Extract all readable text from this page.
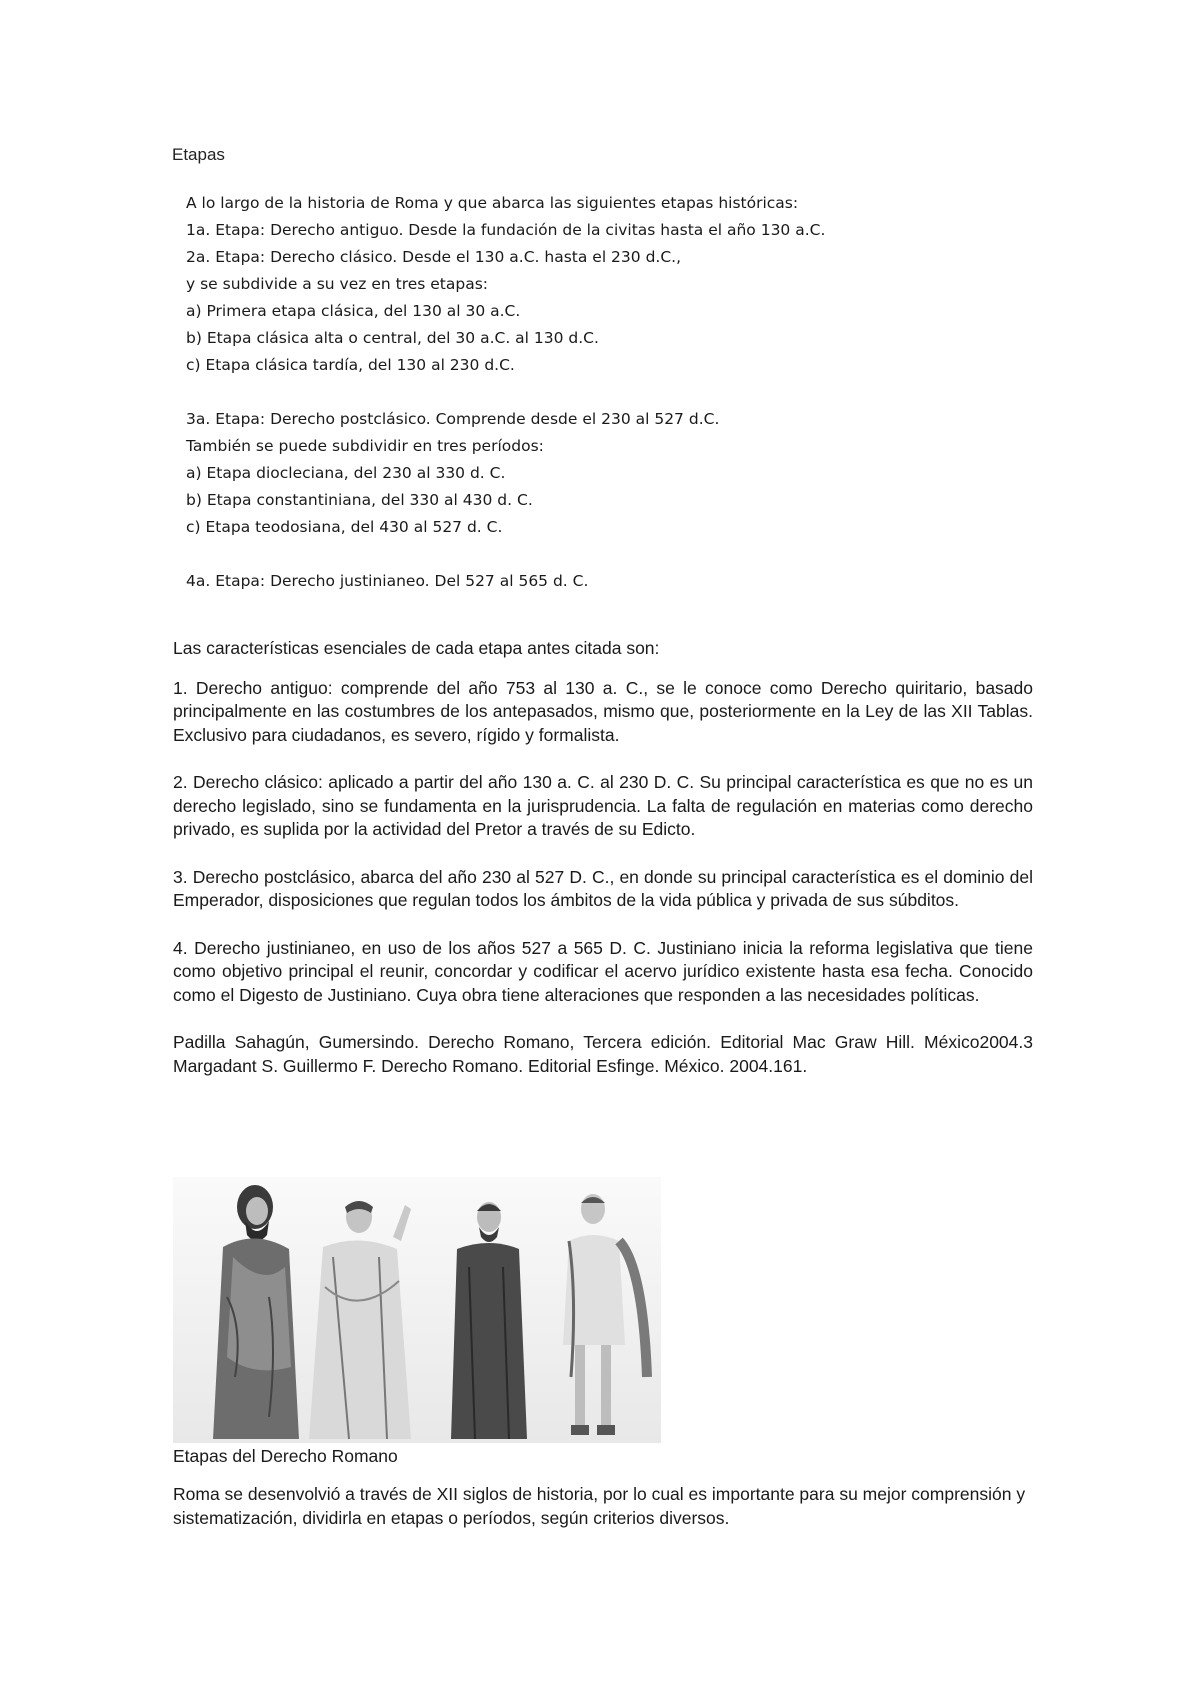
Etapas
A lo largo de la historia de Roma y que abarca las siguientes etapas históricas:
1a. Etapa: Derecho antiguo. Desde la fundación de la civitas hasta el año 130 a.C.
2a. Etapa: Derecho clásico. Desde el 130 a.C. hasta el 230 d.C.,
y se subdivide a su vez en tres etapas:
a) Primera etapa clásica, del 130 al 30 a.C.
b) Etapa clásica alta o central, del 30 a.C. al 130 d.C.
c) Etapa clásica tardía, del 130 al 230 d.C.
3a. Etapa: Derecho postclásico. Comprende desde el 230 al 527 d.C.
También se puede subdividir en tres períodos:
a) Etapa diocleciana, del 230 al 330 d. C.
b) Etapa constantiniana, del 330 al 430 d. C.
c) Etapa teodosiana, del 430 al 527 d. C.
4a. Etapa: Derecho justinianeo. Del 527 al 565 d. C.

Las características esenciales de cada etapa antes citada son:

1. Derecho antiguo: comprende del año 753 al 130 a. C., se le conoce como Derecho quiritario, basado principalmente en las costumbres de los antepasados, mismo que, posteriormente en la Ley de las XII Tablas. Exclusivo para ciudadanos, es severo, rígido y formalista.

2. Derecho clásico: aplicado a partir del año 130 a. C. al 230 D. C. Su principal característica es que no es un derecho legislado, sino se fundamenta en la jurisprudencia. La falta de regulación en materias como derecho privado, es suplida por la actividad del Pretor a través de su Edicto.

3. Derecho postclásico, abarca del año 230 al 527 D. C., en donde su principal característica es el dominio del Emperador, disposiciones que regulan todos los ámbitos de la vida pública y privada de sus súbditos.

4. Derecho justinianeo, en uso de los años 527 a 565 D. C. Justiniano inicia la reforma legislativa que tiene como objetivo principal el reunir, concordar y codificar el acervo jurídico existente hasta esa fecha. Conocido como el Digesto de Justiniano. Cuya obra tiene alteraciones que responden a las necesidades políticas.

Padilla Sahagún, Gumersindo. Derecho Romano, Tercera edición. Editorial Mac Graw Hill. México2004.3 Margadant S. Guillermo F. Derecho Romano. Editorial Esfinge. México. 2004.161.

Etapas del Derecho Romano

Roma se desenvolvió a través de XII siglos de historia, por lo cual es importante para su mejor comprensión y sistematización, dividirla en etapas o períodos, según criterios diversos.
